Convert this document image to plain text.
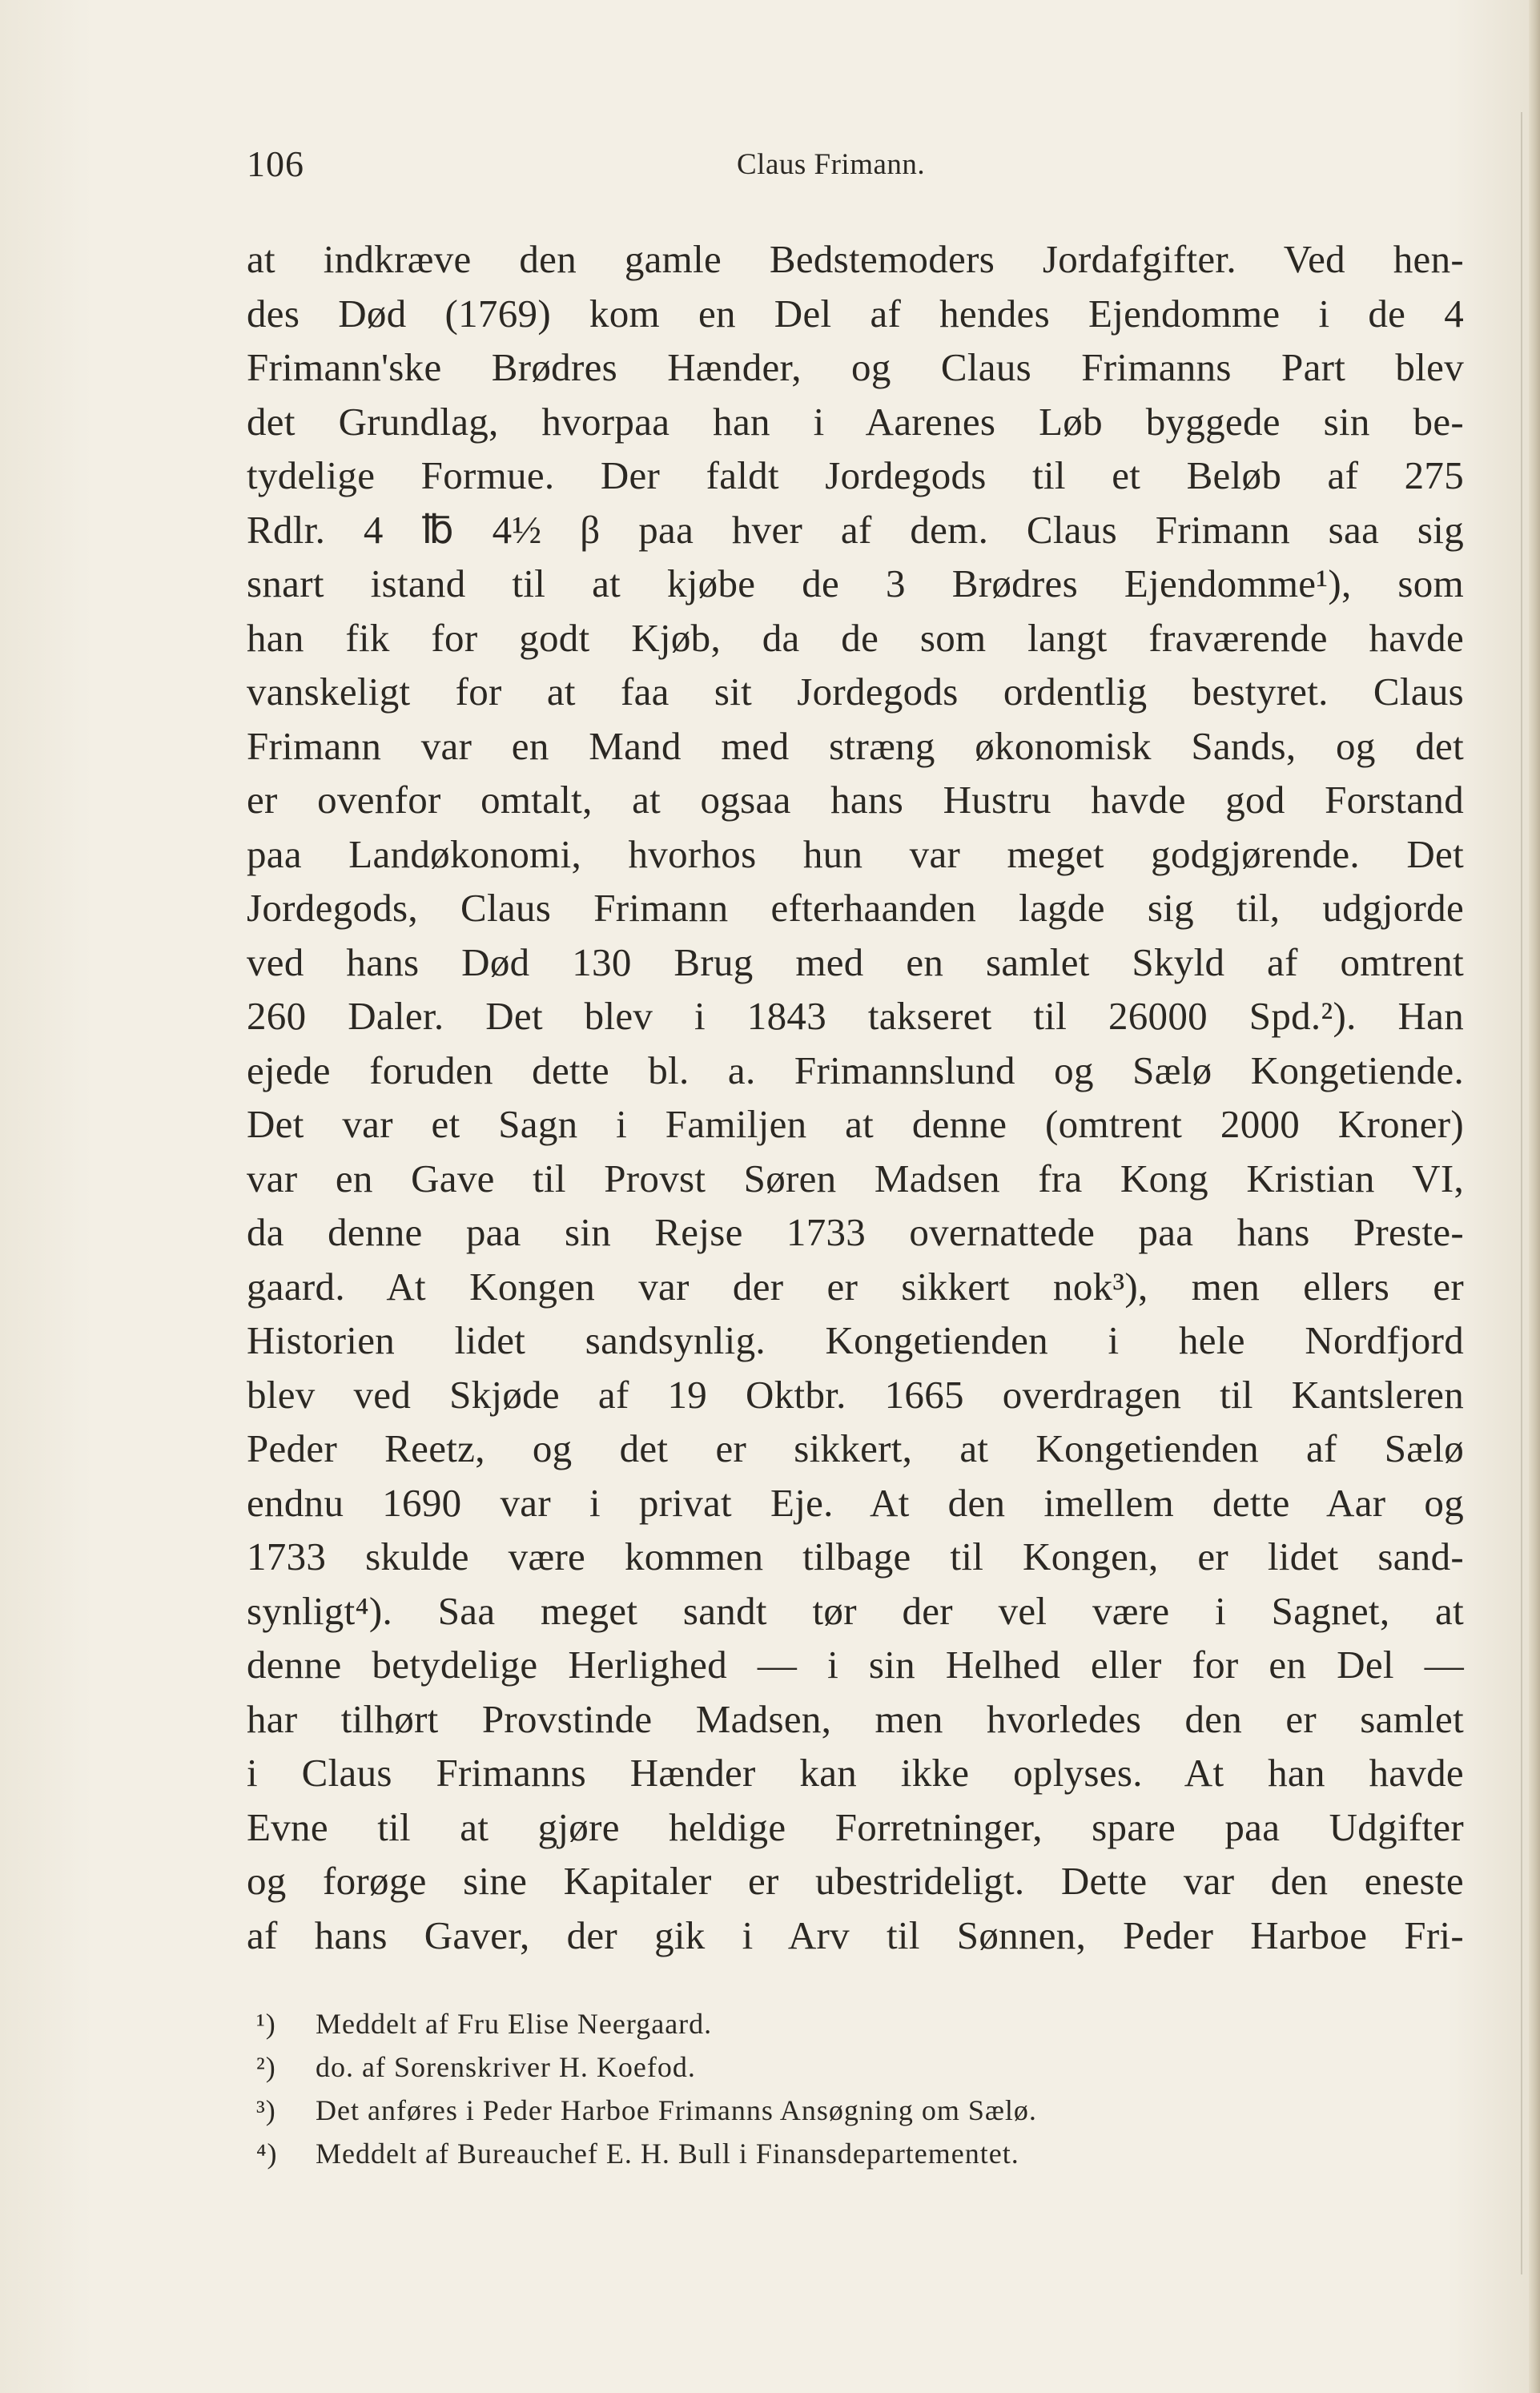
106	Claus Frimann.
at indkræve den gamle Bedstemoders Jordafgifter. Ved hen-
des Død (1769) kom en Del af hendes Ejendomme i de 4
Frimann'ske Brødres Hænder, og Claus Frimanns Part blev
det Grundlag, hvorpaa han i Aarenes Løb byggede sin be-
tydelige Formue. Der faldt Jordegods til et Beløb af 275
Rdlr. 4 ℔ 4½ β paa hver af dem. Claus Frimann saa sig
snart istand til at kjøbe de 3 Brødres Ejendomme¹), som
han fik for godt Kjøb, da de som langt fraværende havde
vanskeligt for at faa sit Jordegods ordentlig bestyret. Claus
Frimann var en Mand med stræng økonomisk Sands, og det
er ovenfor omtalt, at ogsaa hans Hustru havde god Forstand
paa Landøkonomi, hvorhos hun var meget godgjørende. Det
Jordegods, Claus Frimann efterhaanden lagde sig til, udgjorde
ved hans Død 130 Brug med en samlet Skyld af omtrent
260 Daler. Det blev i 1843 takseret til 26000 Spd.²). Han
ejede foruden dette bl. a. Frimannslund og Sælø Kongetiende.
Det var et Sagn i Familjen at denne (omtrent 2000 Kroner)
var en Gave til Provst Søren Madsen fra Kong Kristian VI,
da denne paa sin Rejse 1733 overnattede paa hans Preste-
gaard. At Kongen var der er sikkert nok³), men ellers er
Historien lidet sandsynlig. Kongetienden i hele Nordfjord
blev ved Skjøde af 19 Oktbr. 1665 overdragen til Kantsleren
Peder Reetz, og det er sikkert, at Kongetienden af Sælø
endnu 1690 var i privat Eje. At den imellem dette Aar og
1733 skulde være kommen tilbage til Kongen, er lidet sand-
synligt⁴). Saa meget sandt tør der vel være i Sagnet, at
denne betydelige Herlighed — i sin Helhed eller for en Del —
har tilhørt Provstinde Madsen, men hvorledes den er samlet
i Claus Frimanns Hænder kan ikke oplyses. At han havde
Evne til at gjøre heldige Forretninger, spare paa Udgifter
og forøge sine Kapitaler er ubestrideligt. Dette var den eneste
af hans Gaver, der gik i Arv til Sønnen, Peder Harboe Fri-
¹) Meddelt af Fru Elise Neergaard.
²) do. af Sorenskriver H. Koefod.
³) Det anføres i Peder Harboe Frimanns Ansøgning om Sælø.
⁴) Meddelt af Bureauchef E. H. Bull i Finansdepartementet.
